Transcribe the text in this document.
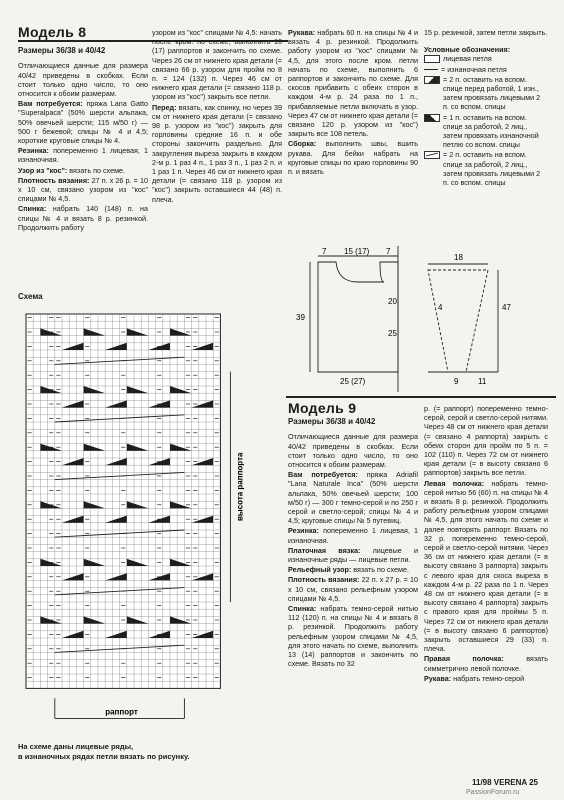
Модель 8
Размеры 36/38 и 40/42

Отличающиеся данные для размера 40/42 приведены в скобках. Если стоит только одно число, то оно относится к обоим размерам.

Вам потребуется: пряжа Lana Gatto "Superalpaca" (50% шерсти альпака, 50% овечьей шерсти; 115 м/50 г) — 500 г бежевой; спицы № 4 и 4,5; короткие круговые спицы № 4.

Резинка: попеременно 1 лицевая, 1 изнаночная.

Узор из "кос": вязать по схеме.

Плотность вязания: 27 п. х 26 р. = 10 х 10 см, связано узором из "кос" спицами № 4,5.

Спинка: набрать 140 (148) п. на спицы № 4 и вязать 8 р. резинкой. Продолжить работу

узором из "кос" спицами № 4,5: начать после кром. по схеме, выполнить 16 (17) раппортов и закончить по схеме. Через 26 см от нижнего края детали (= связано 66 р. узором для пройм по 8 п. = 124 (132) п. Через 46 см от нижнего края детали (= связано 118 р. узором из "кос") закрыть все петли.

Перед: вязать, как спинку, но через 39 см от нижнего края детали (= связано 98 р. узором из "кос") закрыть для горловины средние 16 п. и обе стороны закончить раздельно. Для закругления выреза закрыть в каждом 2-м р. 1 раз 4 п., 1 раз 3 п., 1 раз 2 п. и 1 раз 1 п. Через 46 см от нижнего края детали (= связано 118 р. узором из "кос") закрыть оставшиеся 44 (48) п. плеча.

Рукава: набрать 60 п. на спицы № 4 и вязать 4 р. резинкой. Продолжить работу узором из "кос" спицами № 4,5, для этого после кром. петли начать по схеме, выполнить 6 раппортов и закончить по схеме. Для скосов прибавить с обеих сторон в каждом 4-м р. 24 раза по 1 п., прибавляемые петли включать в узор. Через 47 см от нижнего края детали (= связано 120 р. узором из "кос") закрыть все 108 петель.

Сборка: выполнить швы, вшить рукава. Для бейки набрать на круговые спицы по краю горловины 90 п. и вязать

15 р. резинкой, затем петли закрыть.

Условные обозначения:
лицевая петля
= изнаночная петля
= 2 п. оставить на вспом. спице перед работой, 1 изн., затем провязать лицевыми 2 п. со вспом. спицы
= 1 п. оставить на вспом. спице за работой, 2 лиц., затем провязать изнаночной петлю со вспом. спицы
= 2 п. оставить на вспом. спице за работой, 2 лиц., затем провязать лицевыми 2 п. со вспом. спицы
7 15 (17) 7
20
25
39
25 (27)
18
4	47
9 11
Схема
раппорт
высота раппорта
На схеме даны лицевые ряды,
в изнаночных рядах петли вязать по рисунку.
Модель 9
Размеры 36/38 и 40/42

Отличающиеся данные для размера 40/42 приведены в скобках. Если стоит только одно число, то оно относится к обоим размерам.

Вам потребуется: пряжа Adriafil "Lana Naturale Inca" (50% шерсти альпака, 50% овечьей шерсти; 100 м/50 г) — 300 г темно-серой и по 250 г серой и светло-серой; спицы № 4 и 4,5; круговые спицы № 5 путевиц.

Резинка: попеременно 1 лицевая, 1 изнаночная.

Платочная вязка: лицевые и изнаночные ряды — лицевые петли.

Рельефный узор: вязать по схеме.

Плотность вязания: 22 п. х 27 р. = 10 х 10 см, связано рельефным узором спицами № 4,5.

Спинка: набрать темно-серой нитью 112 (120) п. на спицы № 4 и вязать 8 р. резинкой. Продолжить работу рельефным узором спицами № 4,5, для этого начать по схеме, выполнить 13 (14) раппортов и закончить по схеме. Вязать по 32

р. (= раппорт) попеременно темно-серой, серой и светло-серой нитями. Через 48 см от нижнего края детали (= связано 4 раппорта) закрыть с обеих сторон для пройм по 5 п. = 102 (110) п. Через 72 см от нижнего края детали (= в высоту связано 6 раппортов) закрыть все петли.

Левая полочка: набрать темно-серой нитью 56 (60) п. на спицы № 4 и вязать 8 р. резинкой. Продолжить работу рельефным узором спицами № 4,5, для этого начать по схеме и далее повторять раппорт. Вязать по 32 р. попеременно темно-серой, серой и светло-серой нитями. Через 36 см от нижнего края детали (= в высоту связано 3 раппорта) закрыть с левого края для скоса выреза в каждом 4-м р. 22 раза по 1 п. Через 48 см от нижнего края детали (= в высоту связано 4 раппорта) закрыть с правого края для проймы 5 п. Через 72 см от нижнего края детали (= в высоту связано 6 раппортов) закрыть оставшиеся 29 (33) п. плеча.

Правая полочка:	вязать симметрично левой полочке.

Рукава: набрать темно-серой

11/98 VERENA 25
PassionForum.ru
